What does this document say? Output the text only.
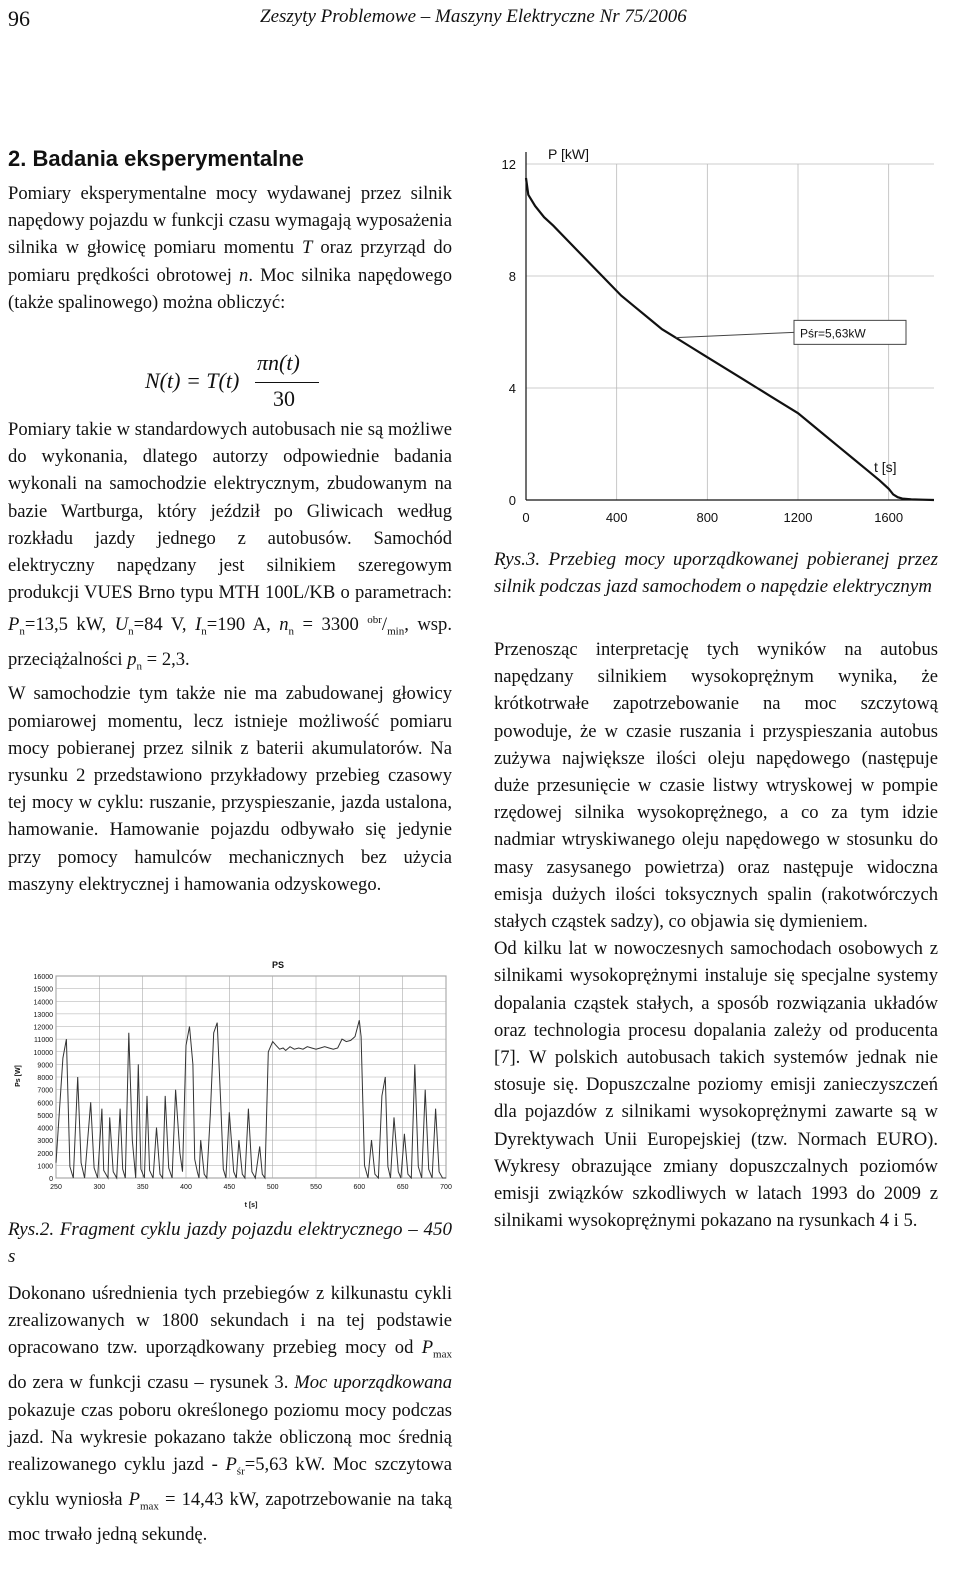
96	Zeszyty Problemowe – Maszyny Elektryczne Nr 75/2006
2. Badania eksperymentalne

Pomiary eksperymentalne mocy wydawanej przez silnik napędowy pojazdu w funkcji czasu wymagają wyposażenia silnika w głowicę pomiaru momentu T oraz przyrząd do pomiaru prędkości obrotowej n. Moc silnika napędowego (także spalinowego) można obliczyć:

N(t) = T(t)
πn(t)
30

Pomiary takie w standardowych autobusach nie są możliwe do wykonania, dlatego autorzy odpowiednie badania wykonali na samochodzie elektrycznym, zbudowanym na bazie Wartburga, który jeździł po Gliwicach według rozkładu jazdy jednego z autobusów. Samochód elektryczny napędzany jest silnikiem szeregowym produkcji VUES Brno typu MTH 100L/KB o parametrach: $P_n=13,5$ kW, $U_n=84$ V, $I_n=190$ A, $n_n = 3300$ $^{obr}/_{min}$, wsp. przeciążalności $p_n = 2,3$.

W samochodzie tym także nie ma zabudowanej głowicy pomiarowej momentu, lecz istnieje możliwość pomiaru mocy pobieranej przez silnik z baterii akumulatorów. Na rysunku 2 przedstawiono przykładowy przebieg czasowy tej mocy w cyklu: ruszanie, przyspieszanie, jazda ustalona, hamowanie. Hamowanie pojazdu odbywało się jedynie przy pomocy hamulców mechanicznych bez użycia maszyny elektrycznej i hamowania odzyskowego.

0
1000
2000
3000
4000
5000
6000
7000
8000
9000
10000
11000
12000
13000
14000
15000
16000
250	300	350	400	450	500	550	600	650	700
PS
t [s]
Ps [W]
Rys.2. Fragment cyklu jazdy pojazdu elektrycznego – 450 s

Dokonano uśrednienia tych przebiegów z kilkunastu cykli zrealizowanych w 1800 sekundach i na tej podstawie opracowano tzw. uporządkowany przebieg mocy od $P_{max}$ do zera w funkcji czasu – rysunek 3. Moc uporządkowana pokazuje czas poboru określonego poziomu mocy podczas jazd. Na wykresie pokazano także obliczoną moc średnią realizowanego cyklu jazd - $P_{śr}=5,63$ kW. Moc szczytowa cyklu wyniosła $P_{max} = 14,43$ kW, zapotrzebowanie na taką moc trwało jedną sekundę.

0
4
8
12
0	400	800	1200	1600
P [kW]
t [s]
Pśr=5,63kW
Rys.3. Przebieg mocy uporządkowanej pobieranej przez silnik podczas jazd samochodem o napędzie elektrycznym

Przenosząc interpretację tych wyników na autobus napędzany silnikiem wysokoprężnym wynika, że krótkotrwałe zapotrzebowanie na moc szczytową powoduje, że w czasie ruszania i przyspieszania autobus zużywa największe ilości oleju napędowego (następuje duże przesunięcie w czasie listwy wtryskowej w pompie rzędowej silnika wysokoprężnego, a co za tym idzie nadmiar wtryskiwanego oleju napędowego w stosunku do masy zasysanego powietrza) oraz następuje widoczna emisja dużych ilości toksycznych spalin (rakotwórczych stałych cząstek sadzy), co objawia się dymieniem.

Od kilku lat w nowoczesnych samochodach osobowych z silnikami wysokoprężnymi instaluje się specjalne systemy dopalania cząstek stałych, a sposób rozwiązania układów oraz technologia procesu dopalania zależy od producenta [7]. W polskich autobusach takich systemów jednak nie stosuje się. Dopuszczalne poziomy emisji zanieczyszczeń dla pojazdów z silnikami wysokoprężnymi zawarte są w Dyrektywach Unii Europejskiej (tzw. Normach EURO). Wykresy obrazujące zmiany dopuszczalnych poziomów emisji związków szkodliwych w latach 1993 do 2009 z silnikami wysokoprężnymi pokazano na rysunkach 4 i 5.
